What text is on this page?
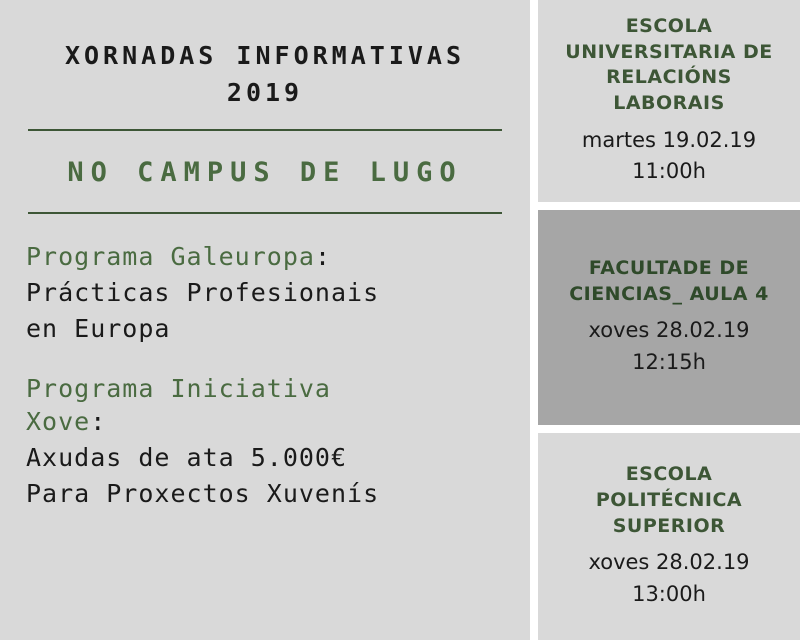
XORNADAS INFORMATIVAS
2019
NO CAMPUS DE LUGO
Programa Galeuropa:
Prácticas Profesionais
en Europa
Programa Iniciativa
Xove:
Axudas de ata 5.000€
Para Proxectos Xuvenís
ESCOLA
UNIVERSITARIA DE
RELACIÓNS LABORAIS
martes 19.02.19
11:00h
FACULTADE DE
CIENCIAS_ AULA 4
xoves 28.02.19
12:15h
ESCOLA
POLITÉCNICA
SUPERIOR
xoves 28.02.19
13:00h
